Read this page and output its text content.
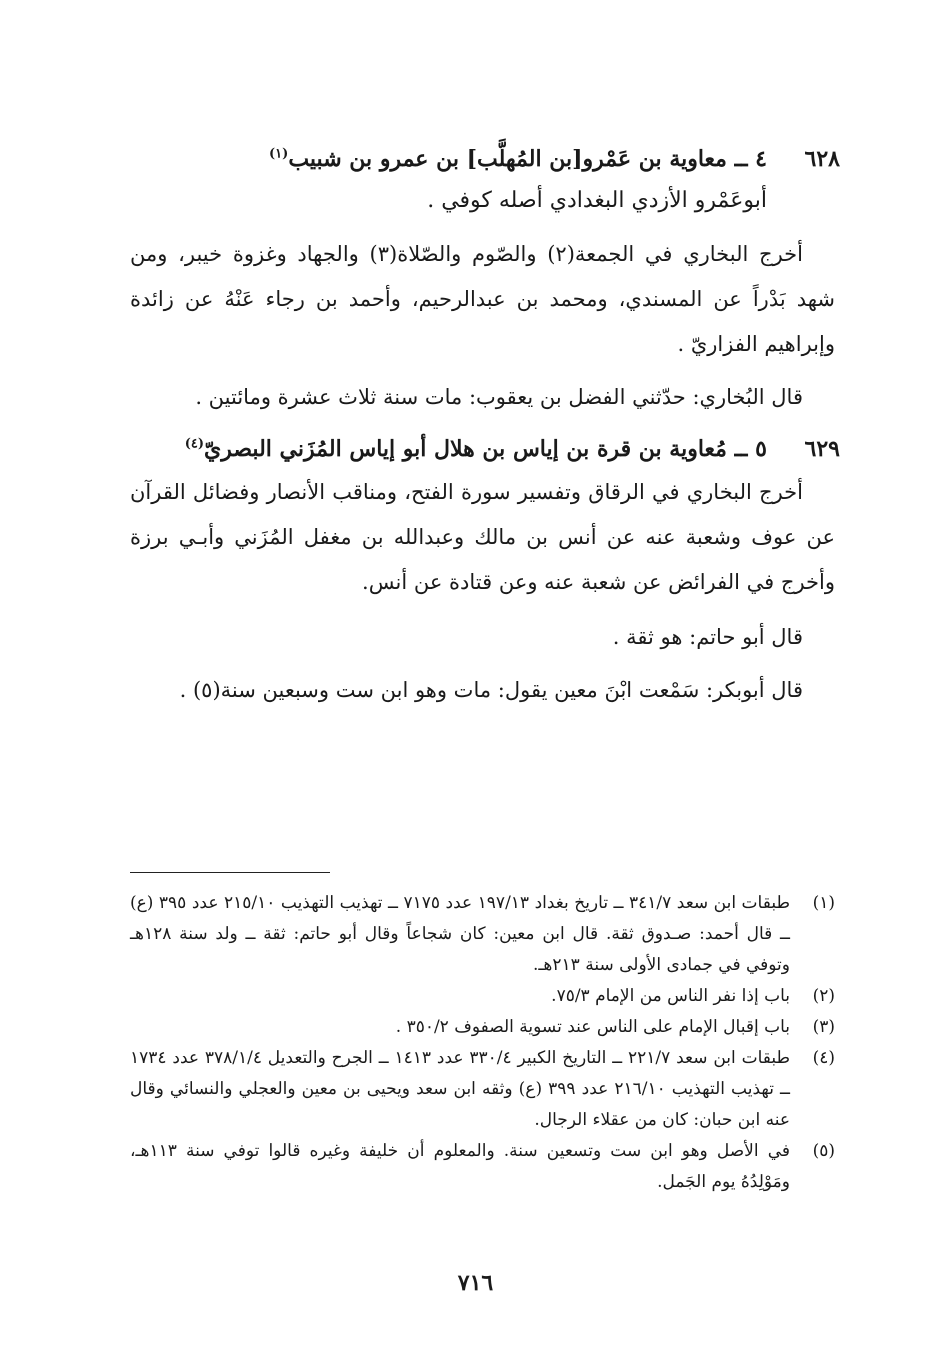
٦٢٨
٤ ــ معاوية بن عَمْرو[بن المُهلَّب] بن عمرو بن شبيب$^{(١)}$
أبوعَمْرو الأزدي البغدادي أصله كوفي .

أخرج البخاري في الجمعة(٢) والصّوم والصّلاة(٣) والجهاد وغزوة خيبر، ومن شهد بَدْراً عن المسندي، ومحمد بن عبدالرحيم، وأحمد بن رجاء عَنْهُ عن زائدة وإبراهيم الفزاريّ .

قال البُخاري: حدّثني الفضل بن يعقوب: مات سنة ثلاث عشرة ومائتين .

٦٢٩
٥ ــ مُعاوية بن قرة بن إياس بن هلال أبو إياس المُزَني البصريّ$^{(٤)}$

أخرج البخاري في الرقاق وتفسير سورة الفتح، ومناقب الأنصار وفضائل القرآن عن عوف وشعبة عنه عن أنس بن مالك وعبدالله بن مغفل المُزَني وأبـي برزة وأخرج في الفرائض عن شعبة عنه وعن قتادة عن أنس.

قال أبو حاتم: هو ثقة .

قال أبوبكر: سَمْعت ابْنَ معين يقول: مات وهو ابن ست وسبعين سنة(٥) .

(١)
طبقات ابن سعد ٣٤١/٧ ــ تاريخ بغداد ١٩٧/١٣ عدد ٧١٧٥ ــ تهذيب التهذيب ٢١٥/١٠ عدد ٣٩٥ (ع) ــ قال أحمد: صـدوق ثقة. قال ابن معين: كان شجاعاً وقال أبو حاتم: ثقة ــ ولد سنة ١٢٨هـ وتوفي في جمادى الأولى سنة ٢١٣هـ.
(٢)
باب إذا نفر الناس من الإمام ٧٥/٣.
(٣)
باب إقبال الإمام على الناس عند تسوية الصفوف ٣٥٠/٢ .
(٤)
طبقات ابن سعد ٢٢١/٧ ــ التاريخ الكبير ٣٣٠/٤ عدد ١٤١٣ ــ الجرح والتعديل ٣٧٨/١/٤ عدد ١٧٣٤ ــ تهذيب التهذيب ٢١٦/١٠ عدد ٣٩٩ (ع) وثقه ابن سعد ويحيى بن معين والعجلي والنسائي وقال عنه ابن حبان: كان من عقلاء الرجال.
(٥)
في الأصل وهو ابن ست وتسعين سنة. والمعلوم أن خليفة وغيره قالوا توفي سنة ١١٣هـ، ومَوْلِدُهُ يوم الجَمل.
٧١٦
